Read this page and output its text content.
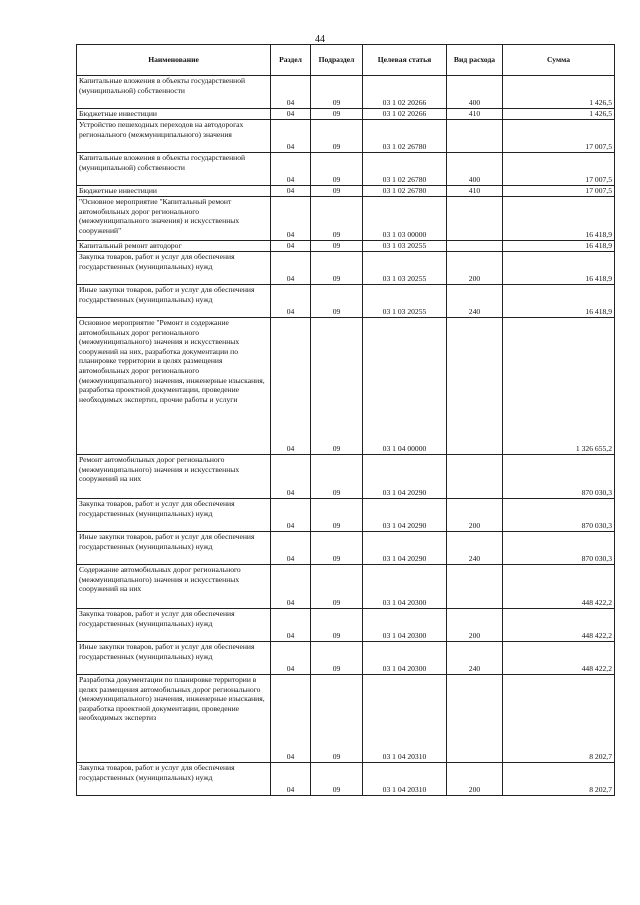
44
Наименование	Раздел	Подраздел	Целевая статья	Вид расхода	Сумма
Капитальные вложения в объекты государственной (муниципальной) собственности	04	09	03 1 02 20266	400	1 426,5
Бюджетные инвестиции	04	09	03 1 02 20266	410	1 426,5
Устройство пешеходных переходов на автодорогах регионального (межмуниципального) значения	04	09	03 1 02 26780		17 007,5
Капитальные вложения в объекты государственной (муниципальной) собственности	04	09	03 1 02 26780	400	17 007,5
Бюджетные инвестиции	04	09	03 1 02 26780	410	17 007,5
"Основное мероприятие "Капитальный ремонт автомобильных дорог регионального (межмуниципального значения) и искусственных сооружений"	04	09	03 1 03 00000		16 418,9
Капитальный ремонт автодорог	04	09	03 1 03 20255		16 418,9
Закупка товаров, работ и услуг для обеспечения государственных (муниципальных) нужд	04	09	03 1 03 20255	200	16 418,9
Иные закупки товаров, работ и услуг для обеспечения государственных (муниципальных) нужд	04	09	03 1 03 20255	240	16 418,9
Основное мероприятие "Ремонт и содержание автомобильных дорог регионального (межмуниципального) значения и искусственных сооружений на них, разработка документации по планировке территории в целях размещения автомобильных дорог регионального (межмуниципального) значения, инженерные изыскания, разработка проектной документации, проведение необходимых экспертиз, прочие работы и услуги	04	09	03 1 04 00000		1 326 655,2
Ремонт автомобильных дорог регионального (межмуниципального) значения и искусственных сооружений на них	04	09	03 1 04 20290		870 030,3
Закупка товаров, работ и услуг для обеспечения государственных (муниципальных) нужд	04	09	03 1 04 20290	200	870 030,3
Иные закупки товаров, работ и услуг для обеспечения государственных (муниципальных) нужд	04	09	03 1 04 20290	240	870 030,3
Содержание автомобильных дорог регионального (межмуниципального) значения и искусственных сооружений на них	04	09	03 1 04 20300		448 422,2
Закупка товаров, работ и услуг для обеспечения государственных (муниципальных) нужд	04	09	03 1 04 20300	200	448 422,2
Иные закупки товаров, работ и услуг для обеспечения государственных (муниципальных) нужд	04	09	03 1 04 20300	240	448 422,2
Разработка документации по планировке территории в целях размещения автомобильных дорог регионального (межмуниципального) значения, инженерные изыскания, разработка проектной документации, проведение необходимых экспертиз	04	09	03 1 04 20310		8 202,7
Закупка товаров, работ и услуг для обеспечения государственных (муниципальных) нужд	04	09	03 1 04 20310	200	8 202,7
